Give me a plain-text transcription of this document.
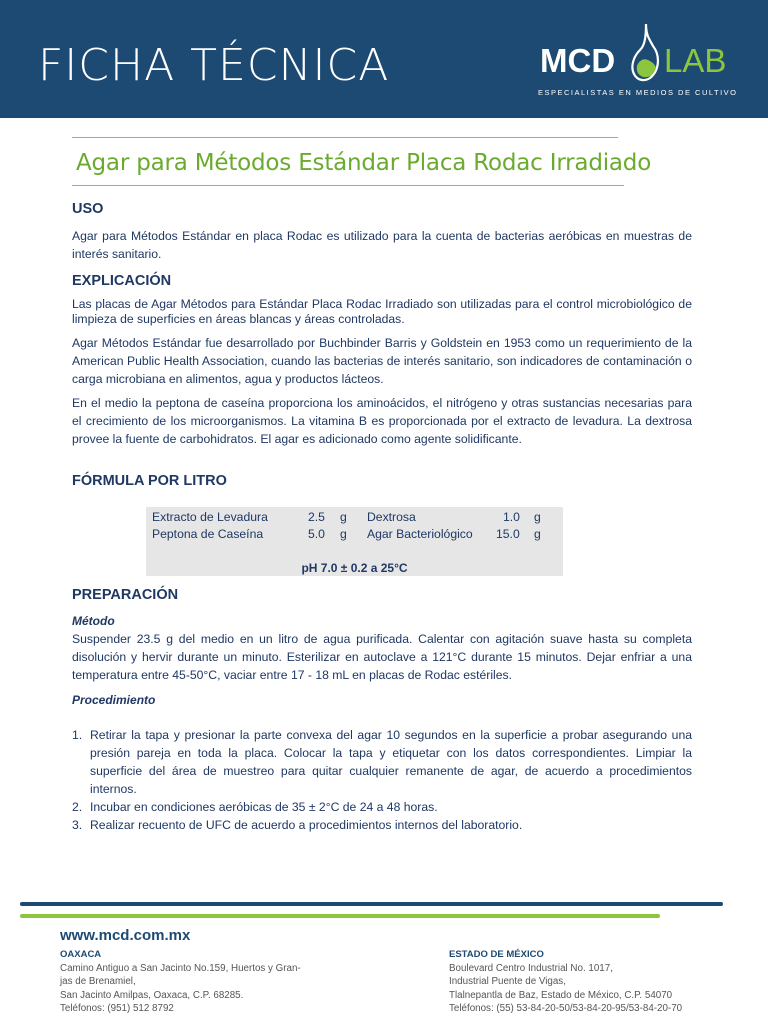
FICHA TÉCNICA	MCD LAB
ESPECIALISTAS EN MEDIOS DE CULTIVO
Agar para Métodos Estándar Placa Rodac Irradiado
USO
Agar para Métodos Estándar en placa Rodac es utilizado para la cuenta de bacterias aeróbicas en muestras de interés sanitario.
EXPLICACIÓN
Las placas de Agar Métodos para Estándar Placa Rodac Irradiado son utilizadas para el control microbiológico de limpieza de superficies en áreas blancas y áreas controladas.
Agar Métodos Estándar fue desarrollado por Buchbinder Barris y Goldstein en 1953 como un requerimiento de la American Public Health Association, cuando las bacterias de interés sanitario, son indicadores de contaminación o carga microbiana en alimentos, agua y productos lácteos.
En el medio la peptona de caseína proporciona los aminoácidos, el nitrógeno y otras sustancias necesarias para el crecimiento de los microorganismos. La vitamina B es proporcionada por el extracto de levadura. La dextrosa provee la fuente de carbohidratos. El agar es adicionado como agente solidificante.
FÓRMULA POR LITRO
Extracto de Levadura	2.5 g Dextrosa	1.0 g
Peptona de Caseína	5.0 g Agar Bacteriológico 15.0 g
pH 7.0 ± 0.2 a 25°C
PREPARACIÓN
Método
Suspender 23.5 g del medio en un litro de agua purificada. Calentar con agitación suave hasta su completa disolución y hervir durante un minuto. Esterilizar en autoclave a 121°C durante 15 minutos. Dejar enfriar a una temperatura entre 45-50°C, vaciar entre 17 - 18 mL en placas de Rodac estériles.
Procedimiento
1. Retirar la tapa y presionar la parte convexa del agar 10 segundos en la superficie a probar asegurando una presión pareja en toda la placa. Colocar la tapa y etiquetar con los datos correspondientes. Limpiar la superficie del área de muestreo para quitar cualquier remanente de agar, de acuerdo a procedimientos internos.
2. Incubar en condiciones aeróbicas de 35 ± 2°C de 24 a 48 horas.
3. Realizar recuento de UFC de acuerdo a procedimientos internos del laboratorio.
www.mcd.com.mx
OAXACA
Camino Antiguo a San Jacinto No.159, Huertos y Gran-
jas de Brenamiel,
San Jacinto Amilpas, Oaxaca, C.P. 68285.
Teléfonos: (951) 512 8792
ESTADO DE MÉXICO
Boulevard Centro Industrial No. 1017,
Industrial Puente de Vigas,
Tlalnepantla de Baz, Estado de México, C.P. 54070
Teléfonos: (55) 53-84-20-50/53-84-20-95/53-84-20-70
